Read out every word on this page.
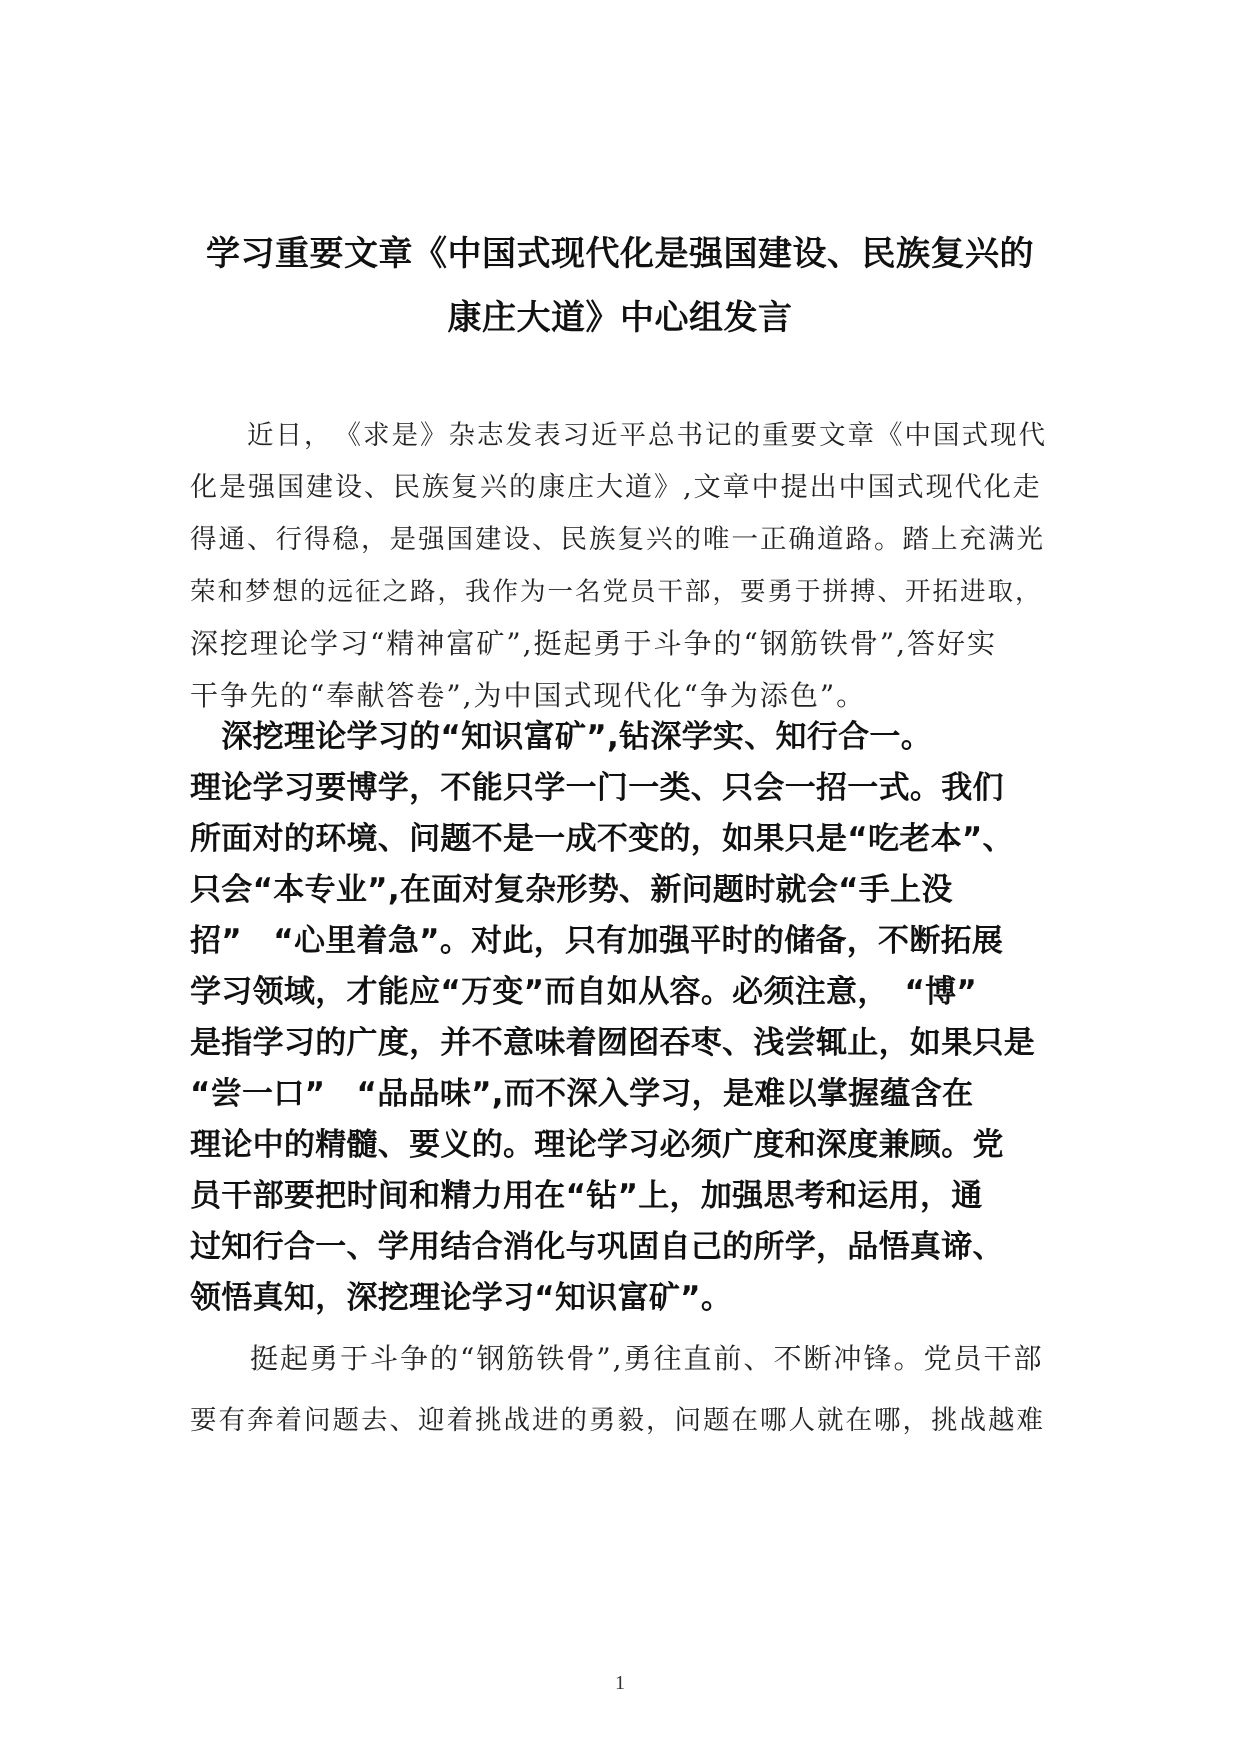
学习重要文章《中国式现代化是强国建设、民族复兴的
康庄大道》中心组发言
　　近日，　《求是》杂志发表习近平总书记的重要文章《中国式现代
化是强国建设、民族复兴的康庄大道》,文章中提出中国式现代化走
得通、行得稳，是强国建设、民族复兴的唯一正确道路。踏上充满光
荣和梦想的远征之路，我作为一名党员干部，要勇于拼搏、开拓进取，
深挖理论学习“精神富矿”,挺起勇于斗争的“钢筋铁骨”,答好实
干争先的“奉献答卷”,为中国式现代化“争为添色”。
　深挖理论学习的“知识富矿”,钻深学实、知行合一。
理论学习要博学，不能只学一门一类、只会一招一式。我们
所面对的环境、问题不是一成不变的，如果只是“吃老本”、
只会“本专业”,在面对复杂形势、新问题时就会“手上没
招”　“心里着急”。对此，只有加强平时的储备，不断拓展
学习领域，才能应“万变”而自如从容。必须注意，　“博”
是指学习的广度，并不意味着囫囵吞枣、浅尝辄止，如果只是
“尝一口”　“品品味”,而不深入学习，是难以掌握蕴含在
理论中的精髓、要义的。理论学习必须广度和深度兼顾。党
员干部要把时间和精力用在“钻”上，加强思考和运用，通
过知行合一、学用结合消化与巩固自己的所学，品悟真谛、
领悟真知，深挖理论学习“知识富矿”。
　　挺起勇于斗争的“钢筋铁骨”,勇往直前、不断冲锋。党员干部
要有奔着问题去、迎着挑战进的勇毅，问题在哪人就在哪，挑战越难
1
